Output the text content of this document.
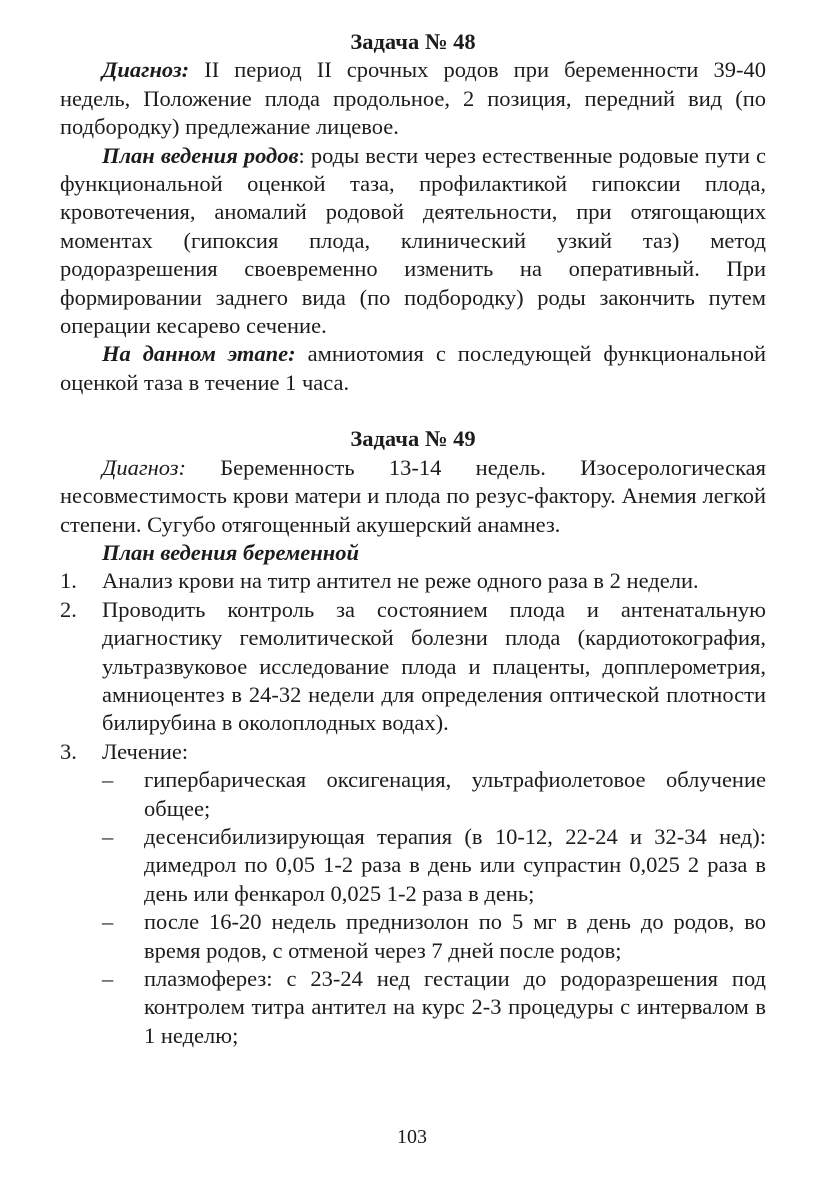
Задача № 48

Диагноз: II период II срочных родов при беременности 39-40 недель, Положение плода продольное, 2 позиция, передний вид (по подбородку) предлежание лицевое.

План ведения родов: роды вести через естественные родовые пути с функциональной оценкой таза, профилактикой гипоксии плода, кровотечения, аномалий родовой деятельности, при отягощающих моментах (гипоксия плода, клинический узкий таз) метод родоразрешения своевременно изменить на оперативный. При формировании заднего вида (по подбородку) роды закончить путем операции кесарево сечение.

На данном этапе: амниотомия с последующей функциональной оценкой таза в течение 1 часа.

Задача № 49

Диагноз: Беременность 13-14 недель. Изосерологическая несовместимость крови матери и плода по резус-фактору. Анемия легкой степени. Сугубо отягощенный акушерский анамнез.

План ведения беременной

1. Анализ крови на титр антител не реже одного раза в 2 недели.
2. Проводить контроль за состоянием плода и антенатальную диагностику гемолитической болезни плода (кардиотокография, ультразвуковое исследование плода и плаценты, допплерометрия, амниоцентез в 24-32 недели для определения оптической плотности билирубина в околоплодных водах).
3. Лечение:
– гипербарическая оксигенация, ультрафиолетовое облучение общее;
– десенсибилизирующая терапия (в 10-12, 22-24 и 32-34 нед): димедрол по 0,05 1-2 раза в день или супрастин 0,025 2 раза в день или фенкарол 0,025 1-2 раза в день;
– после 16-20 недель преднизолон по 5 мг в день до родов, во время родов, с отменой через 7 дней после родов;
– плазмоферез: с 23-24 нед гестации до родоразрешения под контролем титра антител на курс 2-3 процедуры с интервалом в 1 неделю;
103
